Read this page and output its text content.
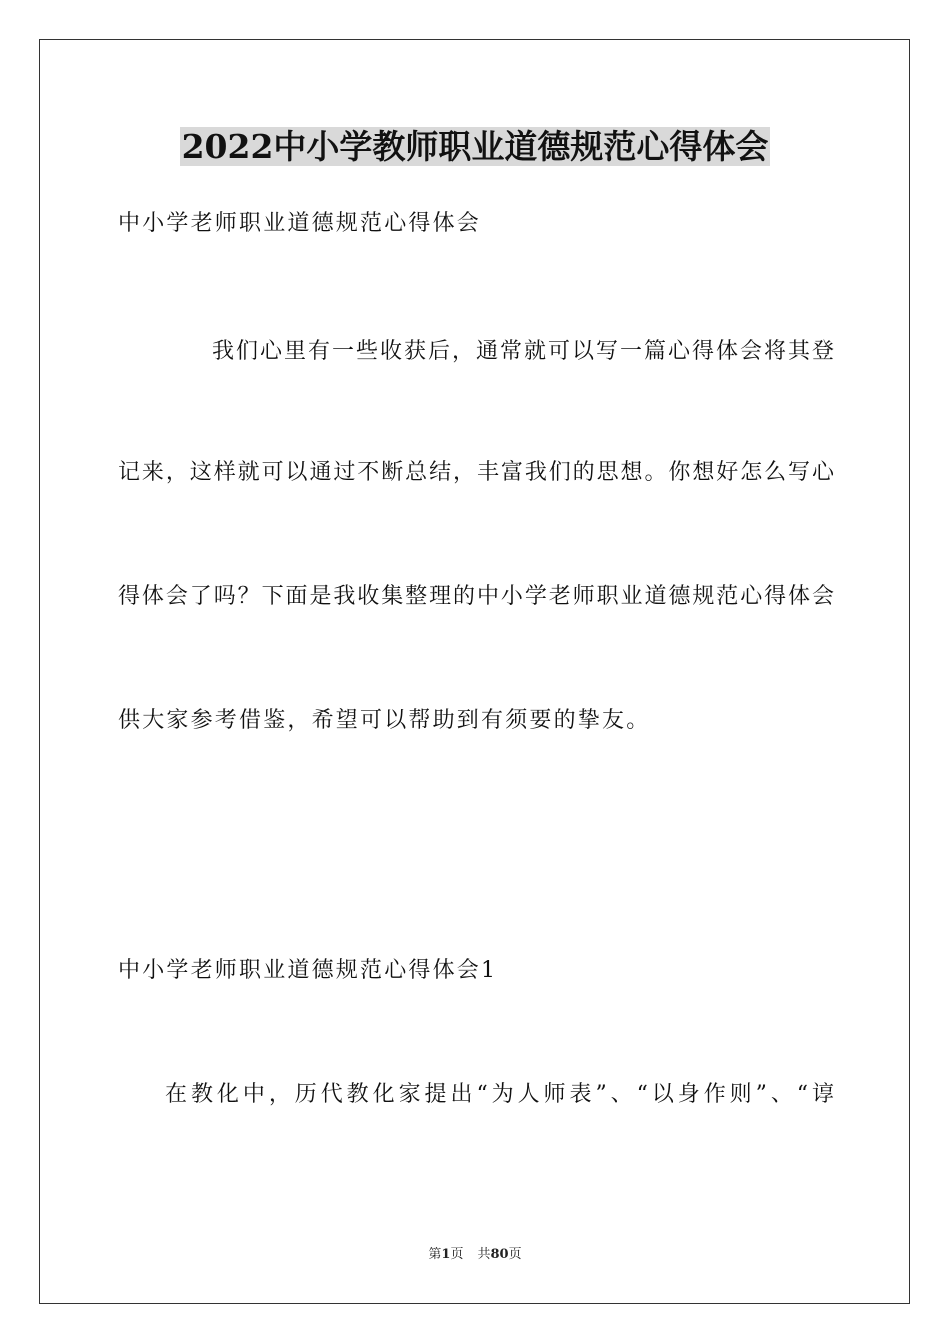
2022中小学教师职业道德规范心得体会
中小学老师职业道德规范心得体会
我们心里有一些收获后，通常就可以写一篇心得体会将其登
记来，这样就可以通过不断总结，丰富我们的思想。你想好怎么写心
得体会了吗？下面是我收集整理的中小学老师职业道德规范心得体会
供大家参考借鉴，希望可以帮助到有须要的挚友。
中小学老师职业道德规范心得体会1
在教化中，历代教化家提出“为人师表”、“以身作则”、“谆
第1页 共80页
